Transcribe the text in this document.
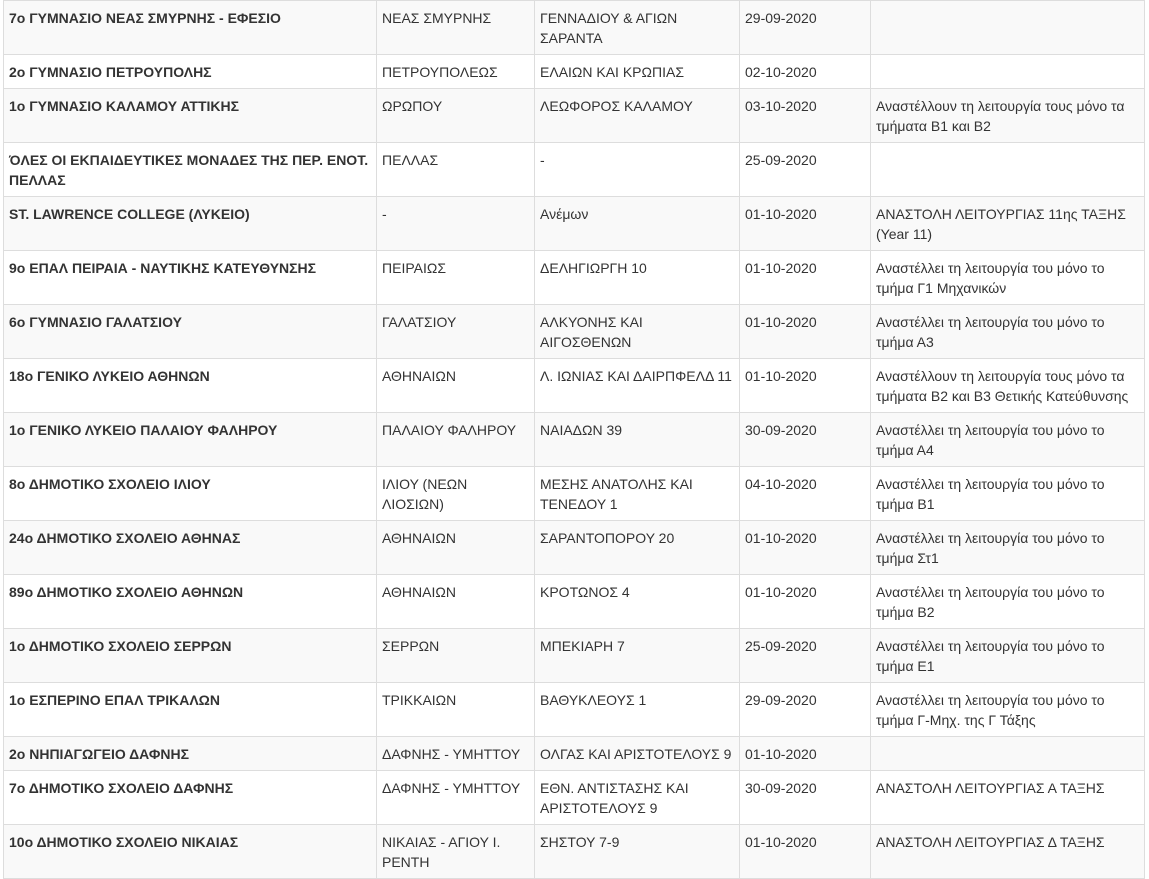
7ο ΓΥΜΝΑΣΙΟ ΝΕΑΣ ΣΜΥΡΝΗΣ - ΕΦΕΣΙΟ	ΝΕΑΣ ΣΜΥΡΝΗΣ	ΓΕΝΝΑΔΙΟΥ & ΑΓΙΩΝ ΣΑΡΑΝΤΑ	29-09-2020	
2ο ΓΥΜΝΑΣΙΟ ΠΕΤΡΟΥΠΟΛΗΣ	ΠΕΤΡΟΥΠΟΛΕΩΣ	ΕΛΑΙΩΝ ΚΑΙ ΚΡΩΠΙΑΣ	02-10-2020	
1ο ΓΥΜΝΑΣΙΟ ΚΑΛΑΜΟΥ ΑΤΤΙΚΗΣ	ΩΡΩΠΟΥ	ΛΕΩΦΟΡΟΣ ΚΑΛΑΜΟΥ	03-10-2020	Αναστέλλουν τη λειτουργία τους μόνο τα τμήματα Β1 και Β2
ΌΛΕΣ ΟΙ ΕΚΠΑΙΔΕΥΤΙΚΕΣ ΜΟΝΑΔΕΣ ΤΗΣ ΠΕΡ. ΕΝΟΤ. ΠΕΛΛΑΣ	ΠΕΛΛΑΣ	-	25-09-2020	
ST. LAWRENCE COLLEGE (ΛΥΚΕΙΟ)	-	Ανέμων	01-10-2020	ΑΝΑΣΤΟΛΗ ΛΕΙΤΟΥΡΓΙΑΣ 11ης ΤΑΞΗΣ (Year 11)
9ο ΕΠΑΛ ΠΕΙΡΑΙΑ - ΝΑΥΤΙΚΗΣ ΚΑΤΕΥΘΥΝΣΗΣ	ΠΕΙΡΑΙΩΣ	ΔΕΛΗΓΙΩΡΓΗ 10	01-10-2020	Αναστέλλει τη λειτουργία του μόνο το τμήμα Γ1 Μηχανικών
6ο ΓΥΜΝΑΣΙΟ ΓΑΛΑΤΣΙΟΥ	ΓΑΛΑΤΣΙΟΥ	ΑΛΚΥΟΝΗΣ ΚΑΙ ΑΙΓΟΣΘΕΝΩΝ	01-10-2020	Αναστέλλει τη λειτουργία του μόνο το τμήμα Α3
18ο ΓΕΝΙΚΟ ΛΥΚΕΙΟ ΑΘΗΝΩΝ	ΑΘΗΝΑΙΩΝ	Λ. ΙΩΝΙΑΣ ΚΑΙ ΔΑΙΡΠΦΕΛΔ 11	01-10-2020	Αναστέλλουν τη λειτουργία τους μόνο τα τμήματα Β2 και Β3 Θετικής Κατεύθυνσης
1ο ΓΕΝΙΚΟ ΛΥΚΕΙΟ ΠΑΛΑΙΟΥ ΦΑΛΗΡΟΥ	ΠΑΛΑΙΟΥ ΦΑΛΗΡΟΥ	ΝΑΙΑΔΩΝ 39	30-09-2020	Αναστέλλει τη λειτουργία του μόνο το τμήμα Α4
8ο ΔΗΜΟΤΙΚΟ ΣΧΟΛΕΙΟ ΙΛΙΟΥ	ΙΛΙΟΥ (ΝΕΩΝ ΛΙΟΣΙΩΝ)	ΜΕΣΗΣ ΑΝΑΤΟΛΗΣ ΚΑΙ ΤΕΝΕΔΟΥ 1	04-10-2020	Αναστέλλει τη λειτουργία του μόνο το τμήμα Β1
24ο ΔΗΜΟΤΙΚΟ ΣΧΟΛΕΙΟ ΑΘΗΝΑΣ	ΑΘΗΝΑΙΩΝ	ΣΑΡΑΝΤΟΠΟΡΟΥ 20	01-10-2020	Αναστέλλει τη λειτουργία του μόνο το τμήμα Στ1
89ο ΔΗΜΟΤΙΚΟ ΣΧΟΛΕΙΟ ΑΘΗΝΩΝ	ΑΘΗΝΑΙΩΝ	ΚΡΟΤΩΝΟΣ 4	01-10-2020	Αναστέλλει τη λειτουργία του μόνο το τμήμα Β2
1ο ΔΗΜΟΤΙΚΟ ΣΧΟΛΕΙΟ ΣΕΡΡΩΝ	ΣΕΡΡΩΝ	ΜΠΕΚΙΑΡΗ 7	25-09-2020	Αναστέλλει τη λειτουργία του μόνο το τμήμα Ε1
1ο ΕΣΠΕΡΙΝΟ ΕΠΑΛ ΤΡΙΚΑΛΩΝ	ΤΡΙΚΚΑΙΩΝ	ΒΑΘΥΚΛΕΟΥΣ 1	29-09-2020	Αναστέλλει τη λειτουργία του μόνο το τμήμα Γ-Μηχ. της Γ Τάξης
2ο ΝΗΠΙΑΓΩΓΕΙΟ ΔΑΦΝΗΣ	ΔΑΦΝΗΣ - ΥΜΗΤΤΟΥ	ΟΛΓΑΣ ΚΑΙ ΑΡΙΣΤΟΤΕΛΟΥΣ 9	01-10-2020	
7ο ΔΗΜΟΤΙΚΟ ΣΧΟΛΕΙΟ ΔΑΦΝΗΣ	ΔΑΦΝΗΣ - ΥΜΗΤΤΟΥ	ΕΘΝ. ΑΝΤΙΣΤΑΣΗΣ ΚΑΙ ΑΡΙΣΤΟΤΕΛΟΥΣ 9	30-09-2020	ΑΝΑΣΤΟΛΗ ΛΕΙΤΟΥΡΓΙΑΣ Α ΤΑΞΗΣ
10ο ΔΗΜΟΤΙΚΟ ΣΧΟΛΕΙΟ ΝΙΚΑΙΑΣ	ΝΙΚΑΙΑΣ - ΑΓΙΟΥ Ι. ΡΕΝΤΗ	ΣΗΣΤΟΥ 7-9	01-10-2020	ΑΝΑΣΤΟΛΗ ΛΕΙΤΟΥΡΓΙΑΣ Δ ΤΑΞΗΣ
